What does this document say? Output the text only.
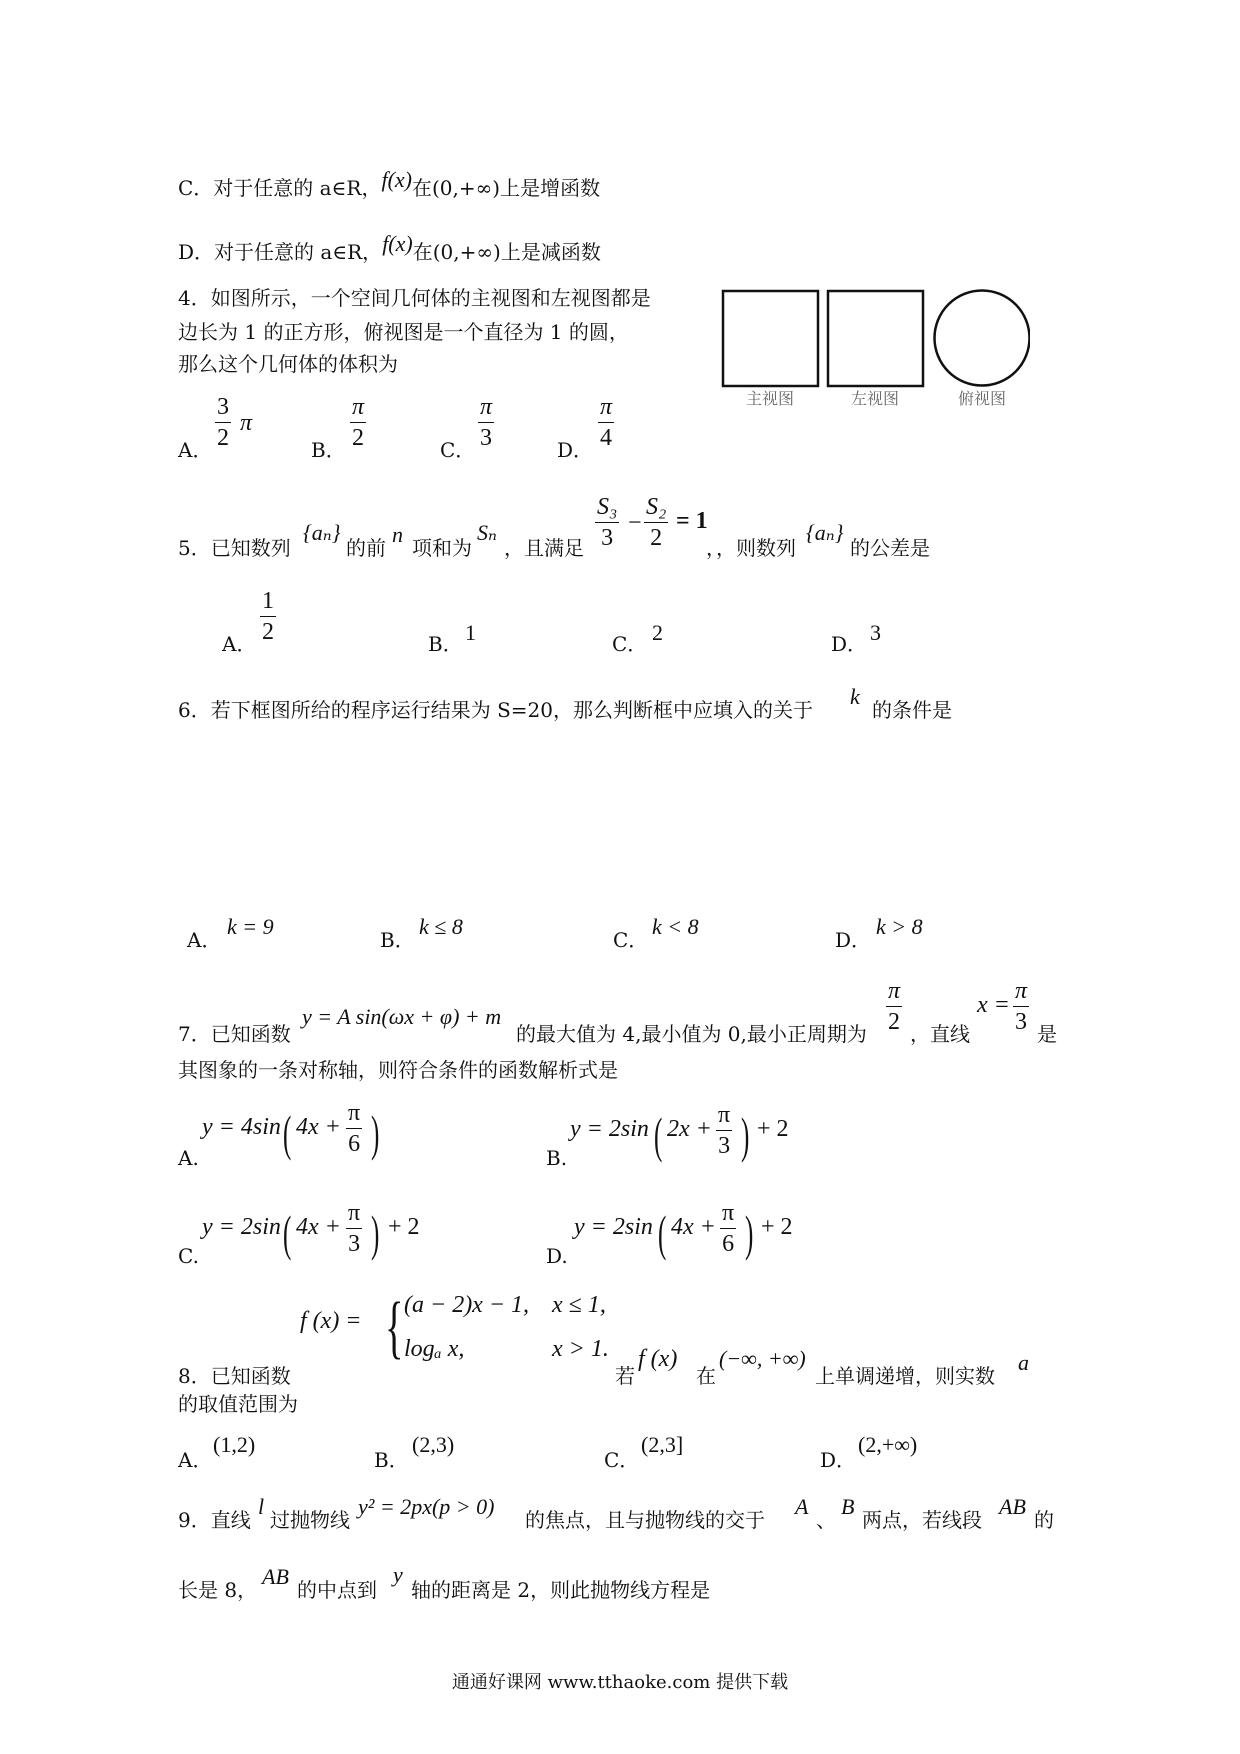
C．对于任意的 a∈R，f(x)在(0,+∞)上是增函数
D．对于任意的 a∈R，f(x)在(0,+∞)上是减函数
4．如图所示，一个空间几何体的主视图和左视图都是
边长为 1 的正方形，俯视图是一个直径为 1 的圆，
那么这个几何体的体积为
主视图	左视图	俯视图
A． $\frac{3}{2}$ π
B． $\frac{\pi}{2}$	C． $\frac{\pi}{3}$	D． $\frac{\pi}{4}$
5．已知数列
{aₙ}
的前
n
项和为
Sₙ
，且满足 $\frac{\text{S₃}}{3} - \frac{\text{S₂}}{2} = 1$
，，则数列
{aₙ}
的公差是
A． $\frac{1}{2}$	B． 1	C． 2	D． 3
6．若下框图所给的程序运行结果为 S=20，那么判断框中应填入的关于
k
的条件是
A．
k = 9
B．
k ≤ 8
C．
k < 8
D．
k > 8
7．已知函数
y = A sin(ωx + φ) + m
的最大值为 4,最小值为 0,最小正周期为 $\frac{\pi}{2}$ ，直线
$x = \frac{\pi}{3}$ 是
其图象的一条对称轴，则符合条件的函数解析式是
A.
y = 4sin ( $4x + \frac{\pi}{6}$ )	B.
y = 2sin ( $2x + \frac{\pi}{3}$ ) + 2
C.
y = 2sin ( $4x + \frac{\pi}{3}$ ) + 2
D.
y = 2sin ( $4x + \frac{\pi}{6}$ ) + 2
f (x) = { (a − 2)x − 1, x ≤ 1,
logₐ x,	x > 1.
8．已知函数	若
f (x)
在
(−∞, +∞)
上单调递增，则实数
a
的取值范围为
A．
(1,2)
B．
(2,3)
C．
(2,3]
D．
(2,+∞)
9．直线
l
过抛物线
y² = 2px(p > 0)
的焦点，且与抛物线的交于
A
、
B
两点，若线段
AB
的
长是 8，
AB
的中点到
y
轴的距离是 2，则此抛物线方程是
通通好课网 www.tthaoke.com 提供下载
